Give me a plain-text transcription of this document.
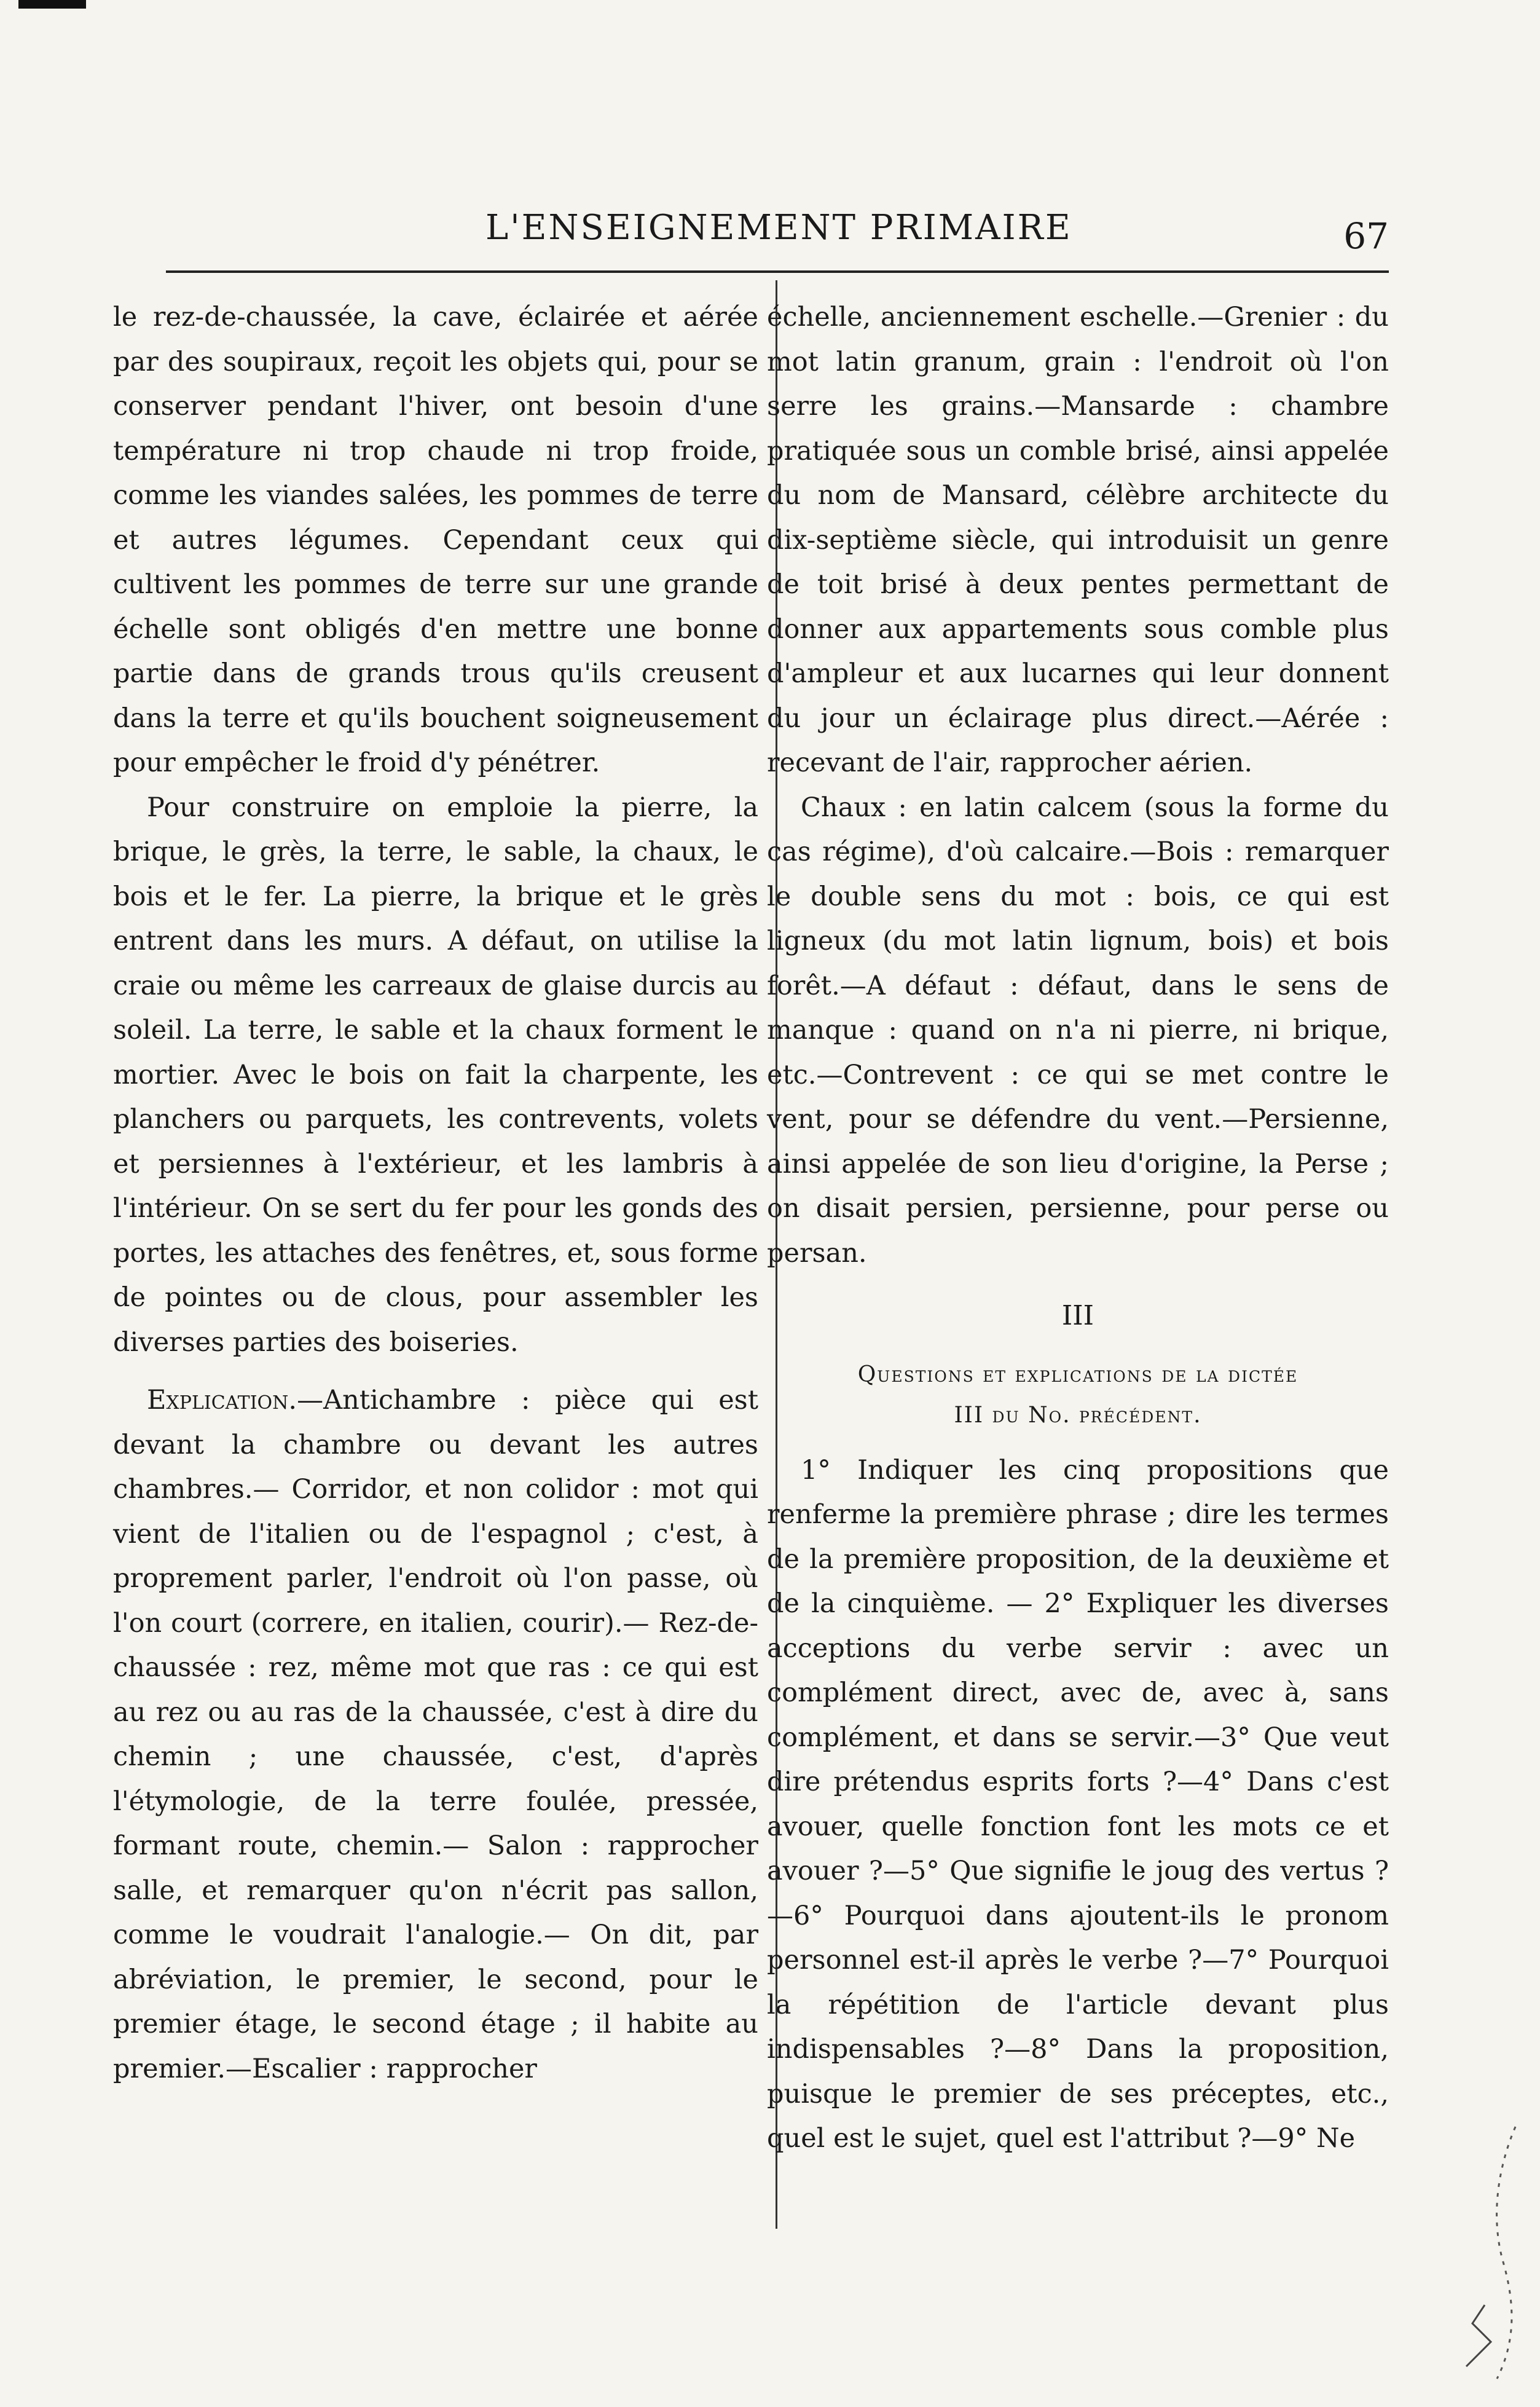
L'ENSEIGNEMENT PRIMAIRE	67

le rez-de-chaussée, la cave, éclairée et aérée par des soupiraux, reçoit les objets qui, pour se conserver pendant l'hiver, ont besoin d'une température ni trop chaude ni trop froide, comme les viandes salées, les pommes de terre et autres légumes. Cependant ceux qui cultivent les pommes de terre sur une grande échelle sont obligés d'en mettre une bonne partie dans de grands trous qu'ils creusent dans la terre et qu'ils bouchent soigneusement pour empêcher le froid d'y pénétrer.

Pour construire on emploie la pierre, la brique, le grès, la terre, le sable, la chaux, le bois et le fer. La pierre, la brique et le grès entrent dans les murs. A défaut, on utilise la craie ou même les carreaux de glaise durcis au soleil. La terre, le sable et la chaux forment le mortier. Avec le bois on fait la charpente, les planchers ou parquets, les contrevents, volets et persiennes à l'extérieur, et les lambris à l'intérieur. On se sert du fer pour les gonds des portes, les attaches des fenêtres, et, sous forme de pointes ou de clous, pour assembler les diverses parties des boiseries.

Explication.—Antichambre : pièce qui est devant la chambre ou devant les autres chambres.— Corridor, et non colidor : mot qui vient de l'italien ou de l'espagnol ; c'est, à proprement parler, l'endroit où l'on passe, où l'on court (correre, en italien, courir).— Rez-de-chaussée : rez, même mot que ras : ce qui est au rez ou au ras de la chaussée, c'est à dire du chemin ; une chaussée, c'est, d'après l'étymologie, de la terre foulée, pressée, formant route, chemin.— Salon : rapprocher salle, et remarquer qu'on n'écrit pas sallon, comme le voudrait l'analogie.— On dit, par abréviation, le premier, le second, pour le premier étage, le second étage ; il habite au premier.—Escalier : rapprocher

échelle, anciennement eschelle.—Grenier : du mot latin granum, grain : l'endroit où l'on serre les grains.—Mansarde : chambre pratiquée sous un comble brisé, ainsi appelée du nom de Mansard, célèbre architecte du dix-septième siècle, qui introduisit un genre de toit brisé à deux pentes permettant de donner aux appartements sous comble plus d'ampleur et aux lucarnes qui leur donnent du jour un éclairage plus direct.—Aérée : recevant de l'air, rapprocher aérien.

Chaux : en latin calcem (sous la forme du cas régime), d'où calcaire.—Bois : remarquer le double sens du mot : bois, ce qui est ligneux (du mot latin lignum, bois) et bois forêt.—A défaut : défaut, dans le sens de manque : quand on n'a ni pierre, ni brique, etc.—Contrevent : ce qui se met contre le vent, pour se défendre du vent.—Persienne, ainsi appelée de son lieu d'origine, la Perse ; on disait persien, persienne, pour perse ou persan.

III
Questions et explications de la dictée
III du No. précédent.

1° Indiquer les cinq propositions que renferme la première phrase ; dire les termes de la première proposition, de la deuxième et de la cinquième. — 2° Expliquer les diverses acceptions du verbe servir : avec un complément direct, avec de, avec à, sans complément, et dans se servir.—3° Que veut dire prétendus esprits forts ?—4° Dans c'est avouer, quelle fonction font les mots ce et avouer ?—5° Que signifie le joug des vertus ?—6° Pourquoi dans ajoutent-ils le pronom personnel est-il après le verbe ?—7° Pourquoi la répétition de l'article devant plus indispensables ?—8° Dans la proposition, puisque le premier de ses préceptes, etc., quel est le sujet, quel est l'attribut ?—9° Ne
